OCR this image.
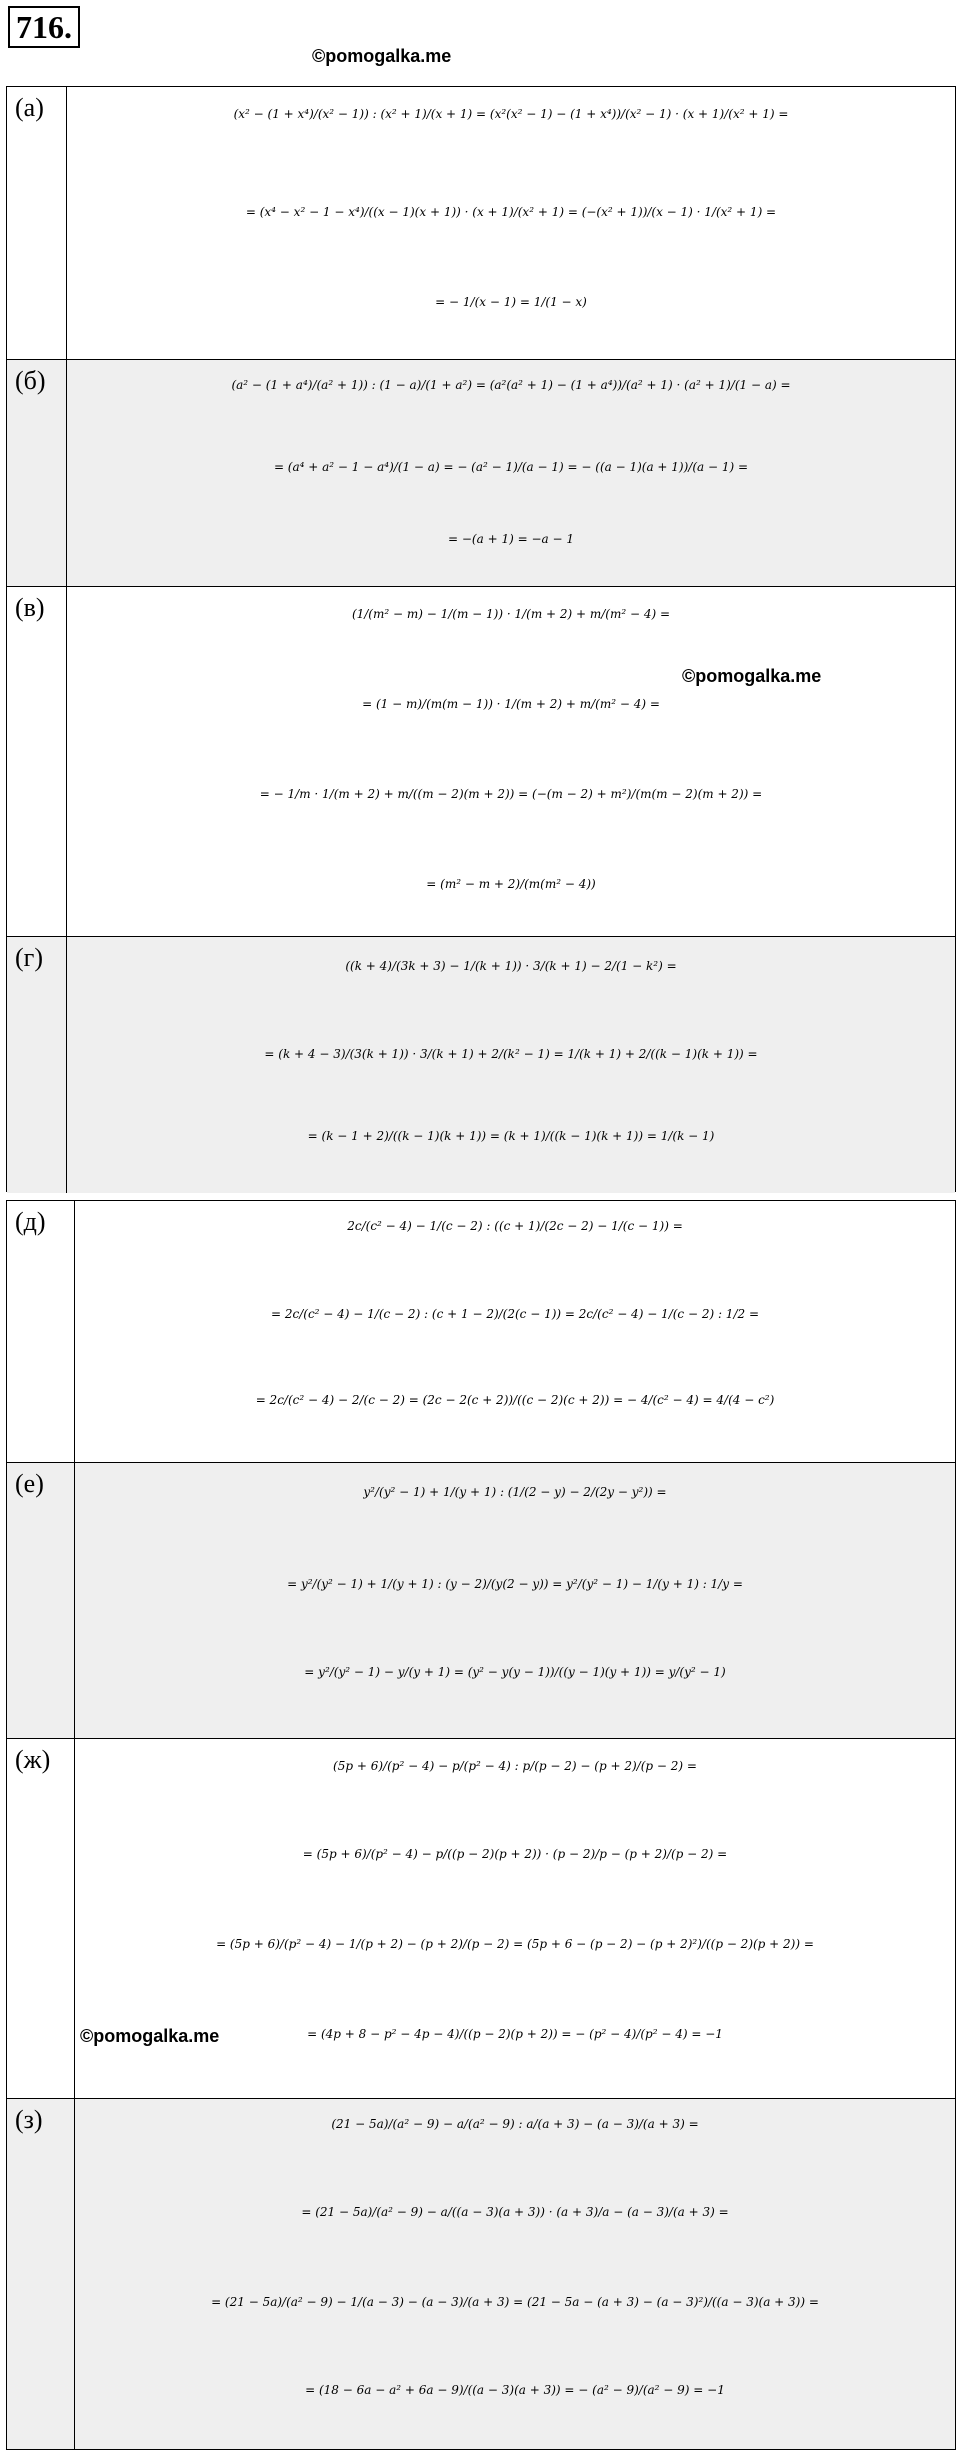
716.
©pomogalka.me
©pomogalka.me
©pomogalka.me
(а)	(x² − (1 + x⁴)/(x² − 1)) : (x² + 1)/(x + 1) = (x²(x² − 1) − (1 + x⁴))/(x² − 1) · (x + 1)/(x² + 1) =
= (x⁴ − x² − 1 − x⁴)/((x − 1)(x + 1)) · (x + 1)/(x² + 1) = (−(x² + 1))/(x − 1) · 1/(x² + 1) =
= − 1/(x − 1) = 1/(1 − x)
(б)	(a² − (1 + a⁴)/(a² + 1)) : (1 − a)/(1 + a²) = (a²(a² + 1) − (1 + a⁴))/(a² + 1) · (a² + 1)/(1 − a) =
= (a⁴ + a² − 1 − a⁴)/(1 − a) = − (a² − 1)/(a − 1) = − ((a − 1)(a + 1))/(a − 1) =
= −(a + 1) = −a − 1
(в)	(1/(m² − m) − 1/(m − 1)) · 1/(m + 2) + m/(m² − 4) =
= (1 − m)/(m(m − 1)) · 1/(m + 2) + m/(m² − 4) =
= − 1/m · 1/(m + 2) + m/((m − 2)(m + 2)) = (−(m − 2) + m²)/(m(m − 2)(m + 2)) =
= (m² − m + 2)/(m(m² − 4))
(г)	((k + 4)/(3k + 3) − 1/(k + 1)) · 3/(k + 1) − 2/(1 − k²) =
= (k + 4 − 3)/(3(k + 1)) · 3/(k + 1) + 2/(k² − 1) = 1/(k + 1) + 2/((k − 1)(k + 1)) =
= (k − 1 + 2)/((k − 1)(k + 1)) = (k + 1)/((k − 1)(k + 1)) = 1/(k − 1)
(д)	2c/(c² − 4) − 1/(c − 2) : ((c + 1)/(2c − 2) − 1/(c − 1)) =
= 2c/(c² − 4) − 1/(c − 2) : (c + 1 − 2)/(2(c − 1)) = 2c/(c² − 4) − 1/(c − 2) : 1/2 =
= 2c/(c² − 4) − 2/(c − 2) = (2c − 2(c + 2))/((c − 2)(c + 2)) = − 4/(c² − 4) = 4/(4 − c²)
(е)	y²/(y² − 1) + 1/(y + 1) : (1/(2 − y) − 2/(2y − y²)) =
= y²/(y² − 1) + 1/(y + 1) : (y − 2)/(y(2 − y)) = y²/(y² − 1) − 1/(y + 1) : 1/y =
= y²/(y² − 1) − y/(y + 1) = (y² − y(y − 1))/((y − 1)(y + 1)) = y/(y² − 1)
(ж)	(5p + 6)/(p² − 4) − p/(p² − 4) : p/(p − 2) − (p + 2)/(p − 2) =
= (5p + 6)/(p² − 4) − p/((p − 2)(p + 2)) · (p − 2)/p − (p + 2)/(p − 2) =
= (5p + 6)/(p² − 4) − 1/(p + 2) − (p + 2)/(p − 2) = (5p + 6 − (p − 2) − (p + 2)²)/((p − 2)(p + 2)) =
= (4p + 8 − p² − 4p − 4)/((p − 2)(p + 2)) = − (p² − 4)/(p² − 4) = −1
(з)	(21 − 5a)/(a² − 9) − a/(a² − 9) : a/(a + 3) − (a − 3)/(a + 3) =
= (21 − 5a)/(a² − 9) − a/((a − 3)(a + 3)) · (a + 3)/a − (a − 3)/(a + 3) =
= (21 − 5a)/(a² − 9) − 1/(a − 3) − (a − 3)/(a + 3) = (21 − 5a − (a + 3) − (a − 3)²)/((a − 3)(a + 3)) =
= (18 − 6a − a² + 6a − 9)/((a − 3)(a + 3)) = − (a² − 9)/(a² − 9) = −1
